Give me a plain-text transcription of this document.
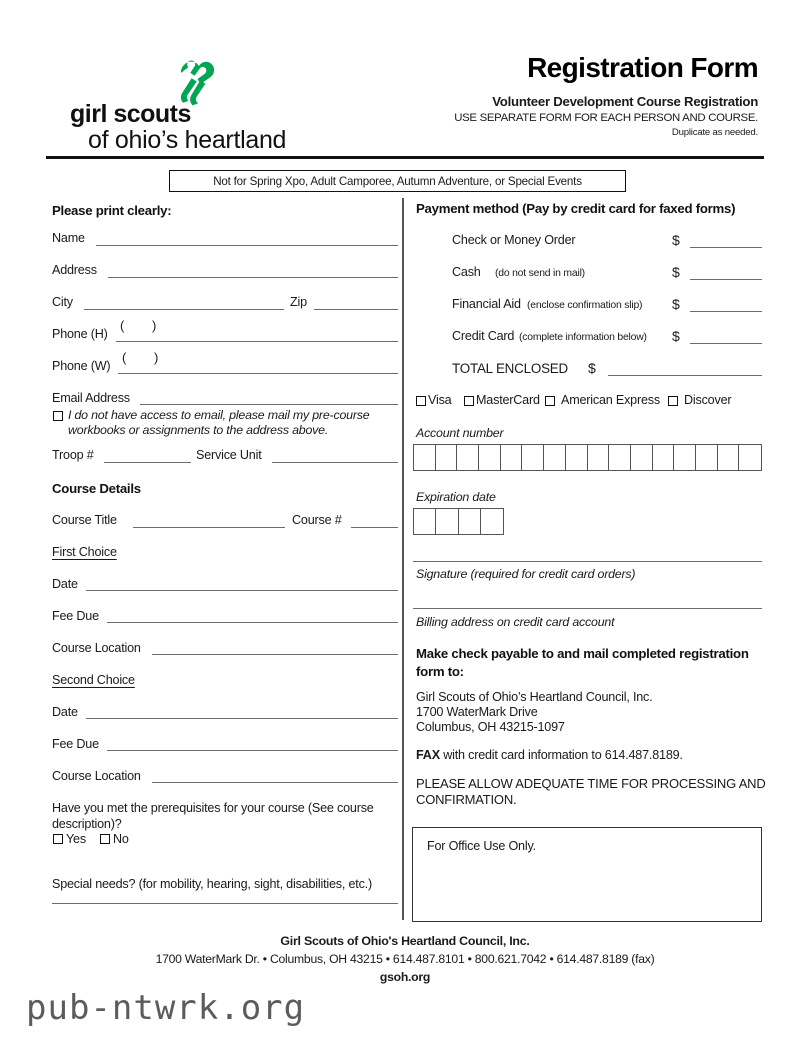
girl scouts
of ohio’s heartland
Registration Form
Volunteer Development Course Registration
USE SEPARATE FORM FOR EACH PERSON AND COURSE.
Duplicate as needed.
Not for Spring Xpo, Adult Camporee, Autumn Adventure, or Special Events
Please print clearly:
Name
Address
City	Zip
Phone (H)
( )
Phone (W)
( )
Email Address
I do not have access to email, please mail my pre-course
workbooks or assignments to the address above.
Troop #	Service Unit
Course Details
Course Title	Course #
First Choice
Date
Fee Due
Course Location
Second Choice
Date
Fee Due
Course Location
Have you met the prerequisites for your course (See course
description)?
Yes No
Special needs? (for mobility, hearing, sight, disabilities, etc.)
Payment method (Pay by credit card for faxed forms)
Check or Money Order	$
Cash (do not send in mail)	$
Financial Aid (enclose confirmation slip) $
Credit Card (complete information below) $
TOTAL ENCLOSED $
Visa MasterCard American Express Discover
Account number
Expiration date
Signature (required for credit card orders)
Billing address on credit card account
Make check payable to and mail completed registration
form to:
Girl Scouts of Ohio’s Heartland Council, Inc.
1700 WaterMark Drive
Columbus, OH 43215-1097
FAX with credit card information to 614.487.8189.
PLEASE ALLOW ADEQUATE TIME FOR PROCESSING AND
CONFIRMATION.
For Office Use Only.
Girl Scouts of Ohio's Heartland Council, Inc.
1700 WaterMark Dr. • Columbus, OH 43215 • 614.487.8101 • 800.621.7042 • 614.487.8189 (fax)
gsoh.org
pub-ntwrk.org
